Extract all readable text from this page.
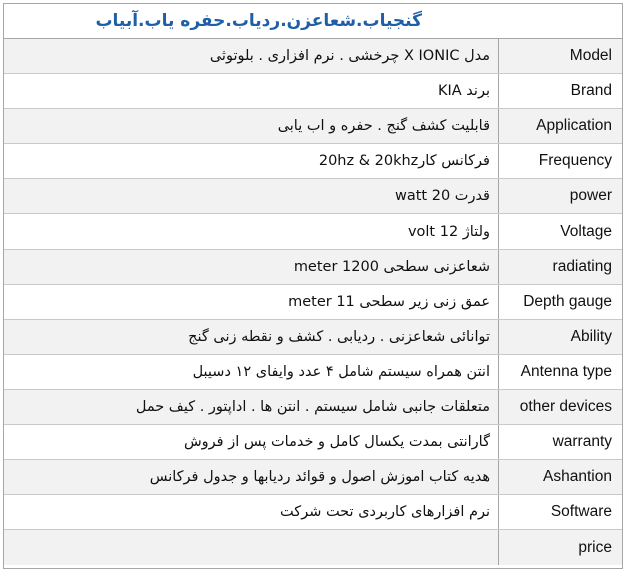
گنجیاب.شعاعزن.ردیاب.حفره یاب.آبیاب
مدل X IONIC چرخشی . نرم افزاری . بلوتوثی	Model
برند KIA	Brand
قابلیت کشف گنج . حفره و اب یابی	Application
فرکانس کار‎ 20hz & 20khz	Frequency
قدرت 20 watt	power
ولتاژ 12 volt	Voltage
شعاعزنی سطحی 1200 meter	radiating
عمق زنی زیر سطحی 11 meter	Depth gauge
توانائی شعاعزنی . ردیابی . کشف و نقطه زنی گنج	Ability
انتن همراه سیستم شامل ۴ عدد وایفای ۱۲ دسیبل	Antenna type
متعلقات جانبی شامل سیستم . انتن ها . اداپتور . کیف حمل	other devices
گارانتی بمدت یکسال کامل و خدمات پس از فروش	warranty
هدیه کتاب اموزش اصول و قوائد ردیابها و جدول فرکانس	Ashantion
نرم افزارهای کاربردی تحت شرکت	Software
price
